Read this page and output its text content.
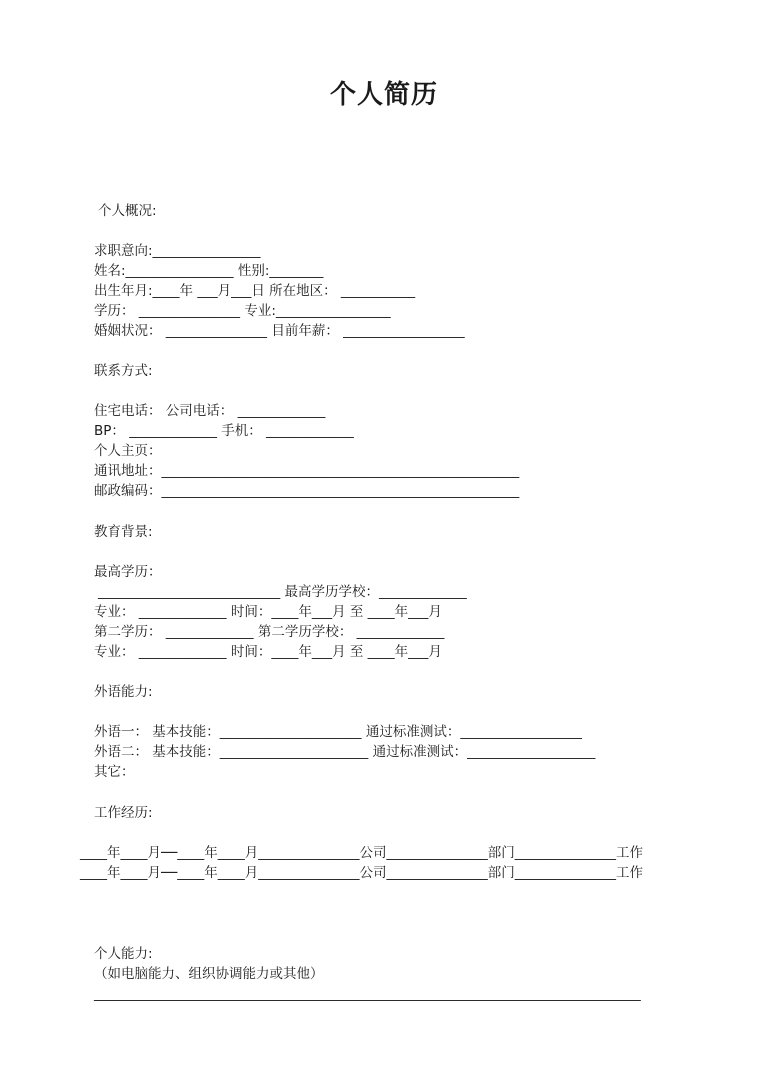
个人简历
个人概况:
求职意向:________________
姓名:________________ 性别:________
出生年月:____年 ___月___日 所在地区： ___________
学历： _______________ 专业:_________________
婚姻状况： _______________ 目前年薪： __________________
联系方式:
住宅电话： 公司电话： _____________
BP： _____________ 手机： _____________
个人主页：
通讯地址：_____________________________________________________
邮政编码：_____________________________________________________
教育背景:
最高学历：
___________________________ 最高学历学校：_____________
专业： _____________ 时间：____年___月 至 ____年___月
第二学历： _____________ 第二学历学校： _____________
专业： _____________ 时间：____年___月 至 ____年___月
外语能力:
外语一： 基本技能：_____________________ 通过标准测试：__________________
外语二： 基本技能：______________________ 通过标准测试：___________________
其它：
工作经历:
____年____月──____年____月_______________公司_______________部门_______________工作
____年____月──____年____月_______________公司_______________部门_______________工作
个人能力:
（如电脑能力、组织协调能力或其他）
_________________________________________________________________________________
